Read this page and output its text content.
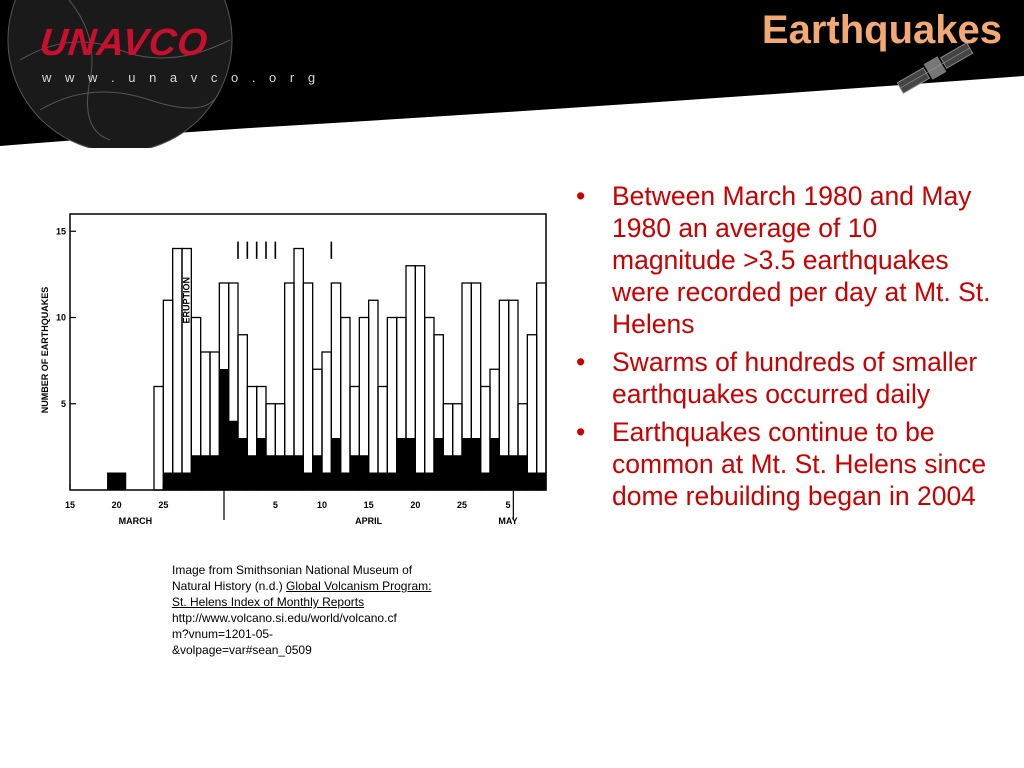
UNAVCO
w w w . u n a v c o . o r g
Earthquakes
NUMBER OF EARTHQUAKES 5
10
15
15	20	25	5	10	15	20	25	5
MARCH	APRIL	MAY
ERUPTION
Image from Smithsonian National Museum of Natural History (n.d.) Global Volcanism Program: St. Helens Index of Monthly Reports
http://www.volcano.si.edu/world/volcano.cf
m?vnum=1201-05-
&volpage=var#sean_0509
• Between March 1980 and May 1980 an average of 10 magnitude >3.5 earthquakes were recorded per day at Mt. St. Helens
• Swarms of hundreds of smaller earthquakes occurred daily
• Earthquakes continue to be common at Mt. St. Helens since dome rebuilding began in 2004
